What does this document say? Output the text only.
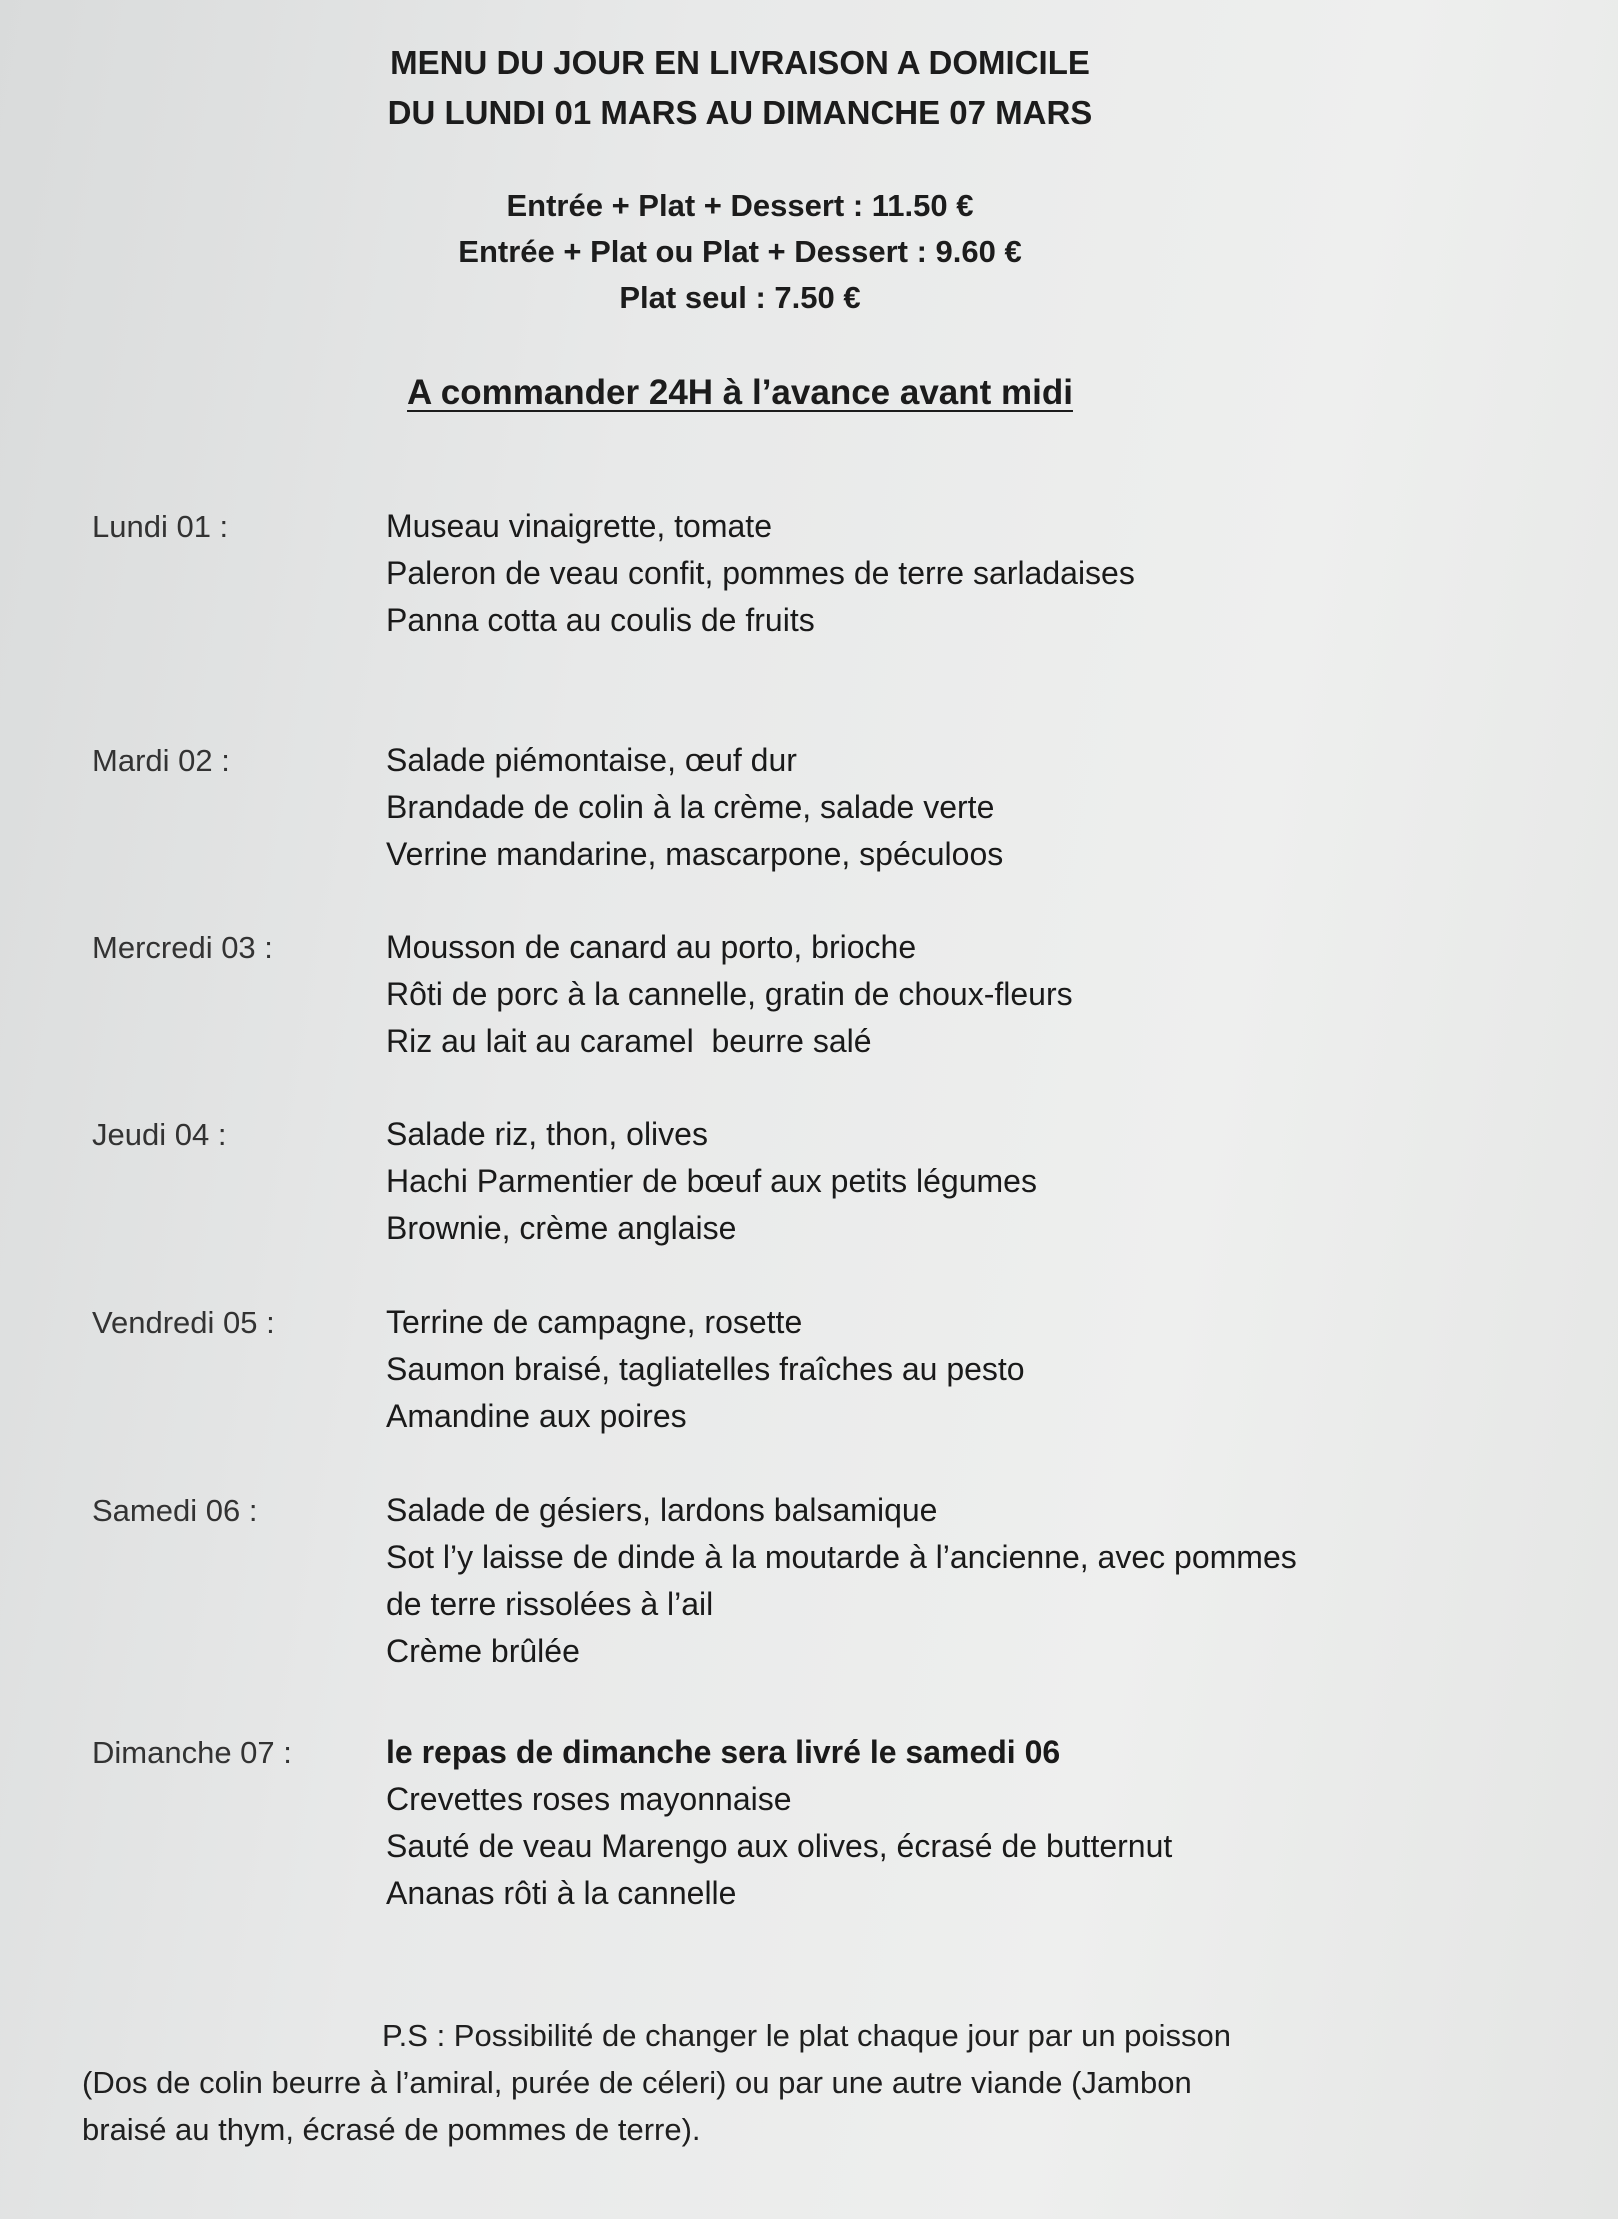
MENU DU JOUR EN LIVRAISON A DOMICILE
DU LUNDI 01 MARS AU DIMANCHE 07 MARS
Entrée + Plat + Dessert : 11.50 €
Entrée + Plat ou Plat + Dessert : 9.60 €
Plat seul : 7.50 €
A commander 24H à l’avance avant midi
Lundi 01 :	Museau vinaigrette, tomate
Paleron de veau confit, pommes de terre sarladaises
Panna cotta au coulis de fruits
Mardi 02 :	Salade piémontaise, œuf dur
Brandade de colin à la crème, salade verte
Verrine mandarine, mascarpone, spéculoos
Mercredi 03 :	Mousson de canard au porto, brioche
Rôti de porc à la cannelle, gratin de choux-fleurs
Riz au lait au caramel  beurre salé
Jeudi 04 :	Salade riz, thon, olives
Hachi Parmentier de bœuf aux petits légumes
Brownie, crème anglaise
Vendredi 05 :	Terrine de campagne, rosette
Saumon braisé, tagliatelles fraîches au pesto
Amandine aux poires
Samedi 06 :	Salade de gésiers, lardons balsamique
Sot l’y laisse de dinde à la moutarde à l’ancienne, avec pommes
de terre rissolées à l’ail
Crème brûlée
Dimanche 07 :	le repas de dimanche sera livré le samedi 06
Crevettes roses mayonnaise
Sauté de veau Marengo aux olives, écrasé de butternut
Ananas rôti à la cannelle
P.S : Possibilité de changer le plat chaque jour par un poisson
(Dos de colin beurre à l’amiral, purée de céleri) ou par une autre viande (Jambon
braisé au thym, écrasé de pommes de terre).
